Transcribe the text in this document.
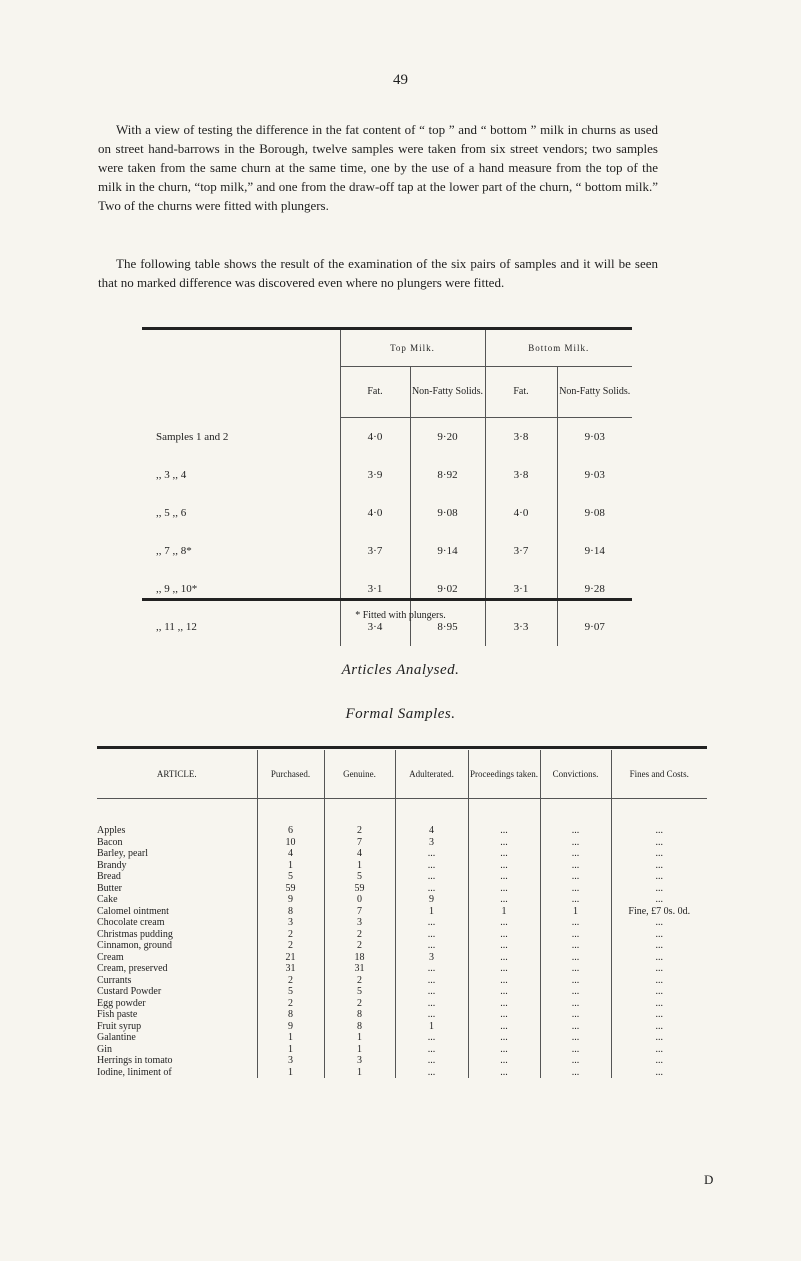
49

With a view of testing the difference in the fat content of “ top ” and “ bottom ” milk in churns as used on street hand-barrows in the Borough, twelve samples were taken from six street vendors; two samples were taken from the same churn at the same time, one by the use of a hand measure from the top of the milk in the churn, “top milk,” and one from the draw-off tap at the lower part of the churn, “ bottom milk.” Two of the churns were fitted with plungers.

The following table shows the result of the examination of the six pairs of samples and it will be seen that no marked difference was discovered even where no plungers were fitted.

	Top Milk.		Bottom Milk.	
	Fat.	Non-Fatty Solids.	Fat.	Non-Fatty Solids.
Samples 1 and 2	4·0	9·20	3·8	9·03
,, 3 ,, 4	3·9	8·92	3·8	9·03
,, 5 ,, 6	4·0	9·08	4·0	9·08
,, 7 ,, 8*	3·7	9·14	3·7	9·14
,, 9 ,, 10*	3·1	9·02	3·1	9·28
,, 11 ,, 12	3·4	8·95	3·3	9·07
* Fitted with plungers.
Articles Analysed.
Formal Samples.
ARTICLE.	Purchased.	Genuine.	Adulterated.	Proceedings taken.	Convictions.	Fines and Costs.

Apples	6	2	4	...	...	...
Bacon	10	7	3	...	...	...
Barley, pearl	4	4	...	...	...	...
Brandy	1	1	...	...	...	...
Bread	5	5	...	...	...	...
Butter	59	59	...	...	...	...
Cake	9	0	9	...	...	...
Calomel ointment	8	7	1	1	1	Fine, £7 0s. 0d.
Chocolate cream	3	3	...	...	...	...
Christmas pudding	2	2	...	...	...	...
Cinnamon, ground	2	2	...	...	...	...
Cream	21	18	3	...	...	...
Cream, preserved	31	31	...	...	...	...
Currants	2	2	...	...	...	...
Custard Powder	5	5	...	...	...	...
Egg powder	2	2	...	...	...	...
Fish paste	8	8	...	...	...	...
Fruit syrup	9	8	1	...	...	...
Galantine	1	1	...	...	...	...
Gin	1	1	...	...	...	...
Herrings in tomato	3	3	...	...	...	...
Iodine, liniment of	1	1	...	...	...	...
D
